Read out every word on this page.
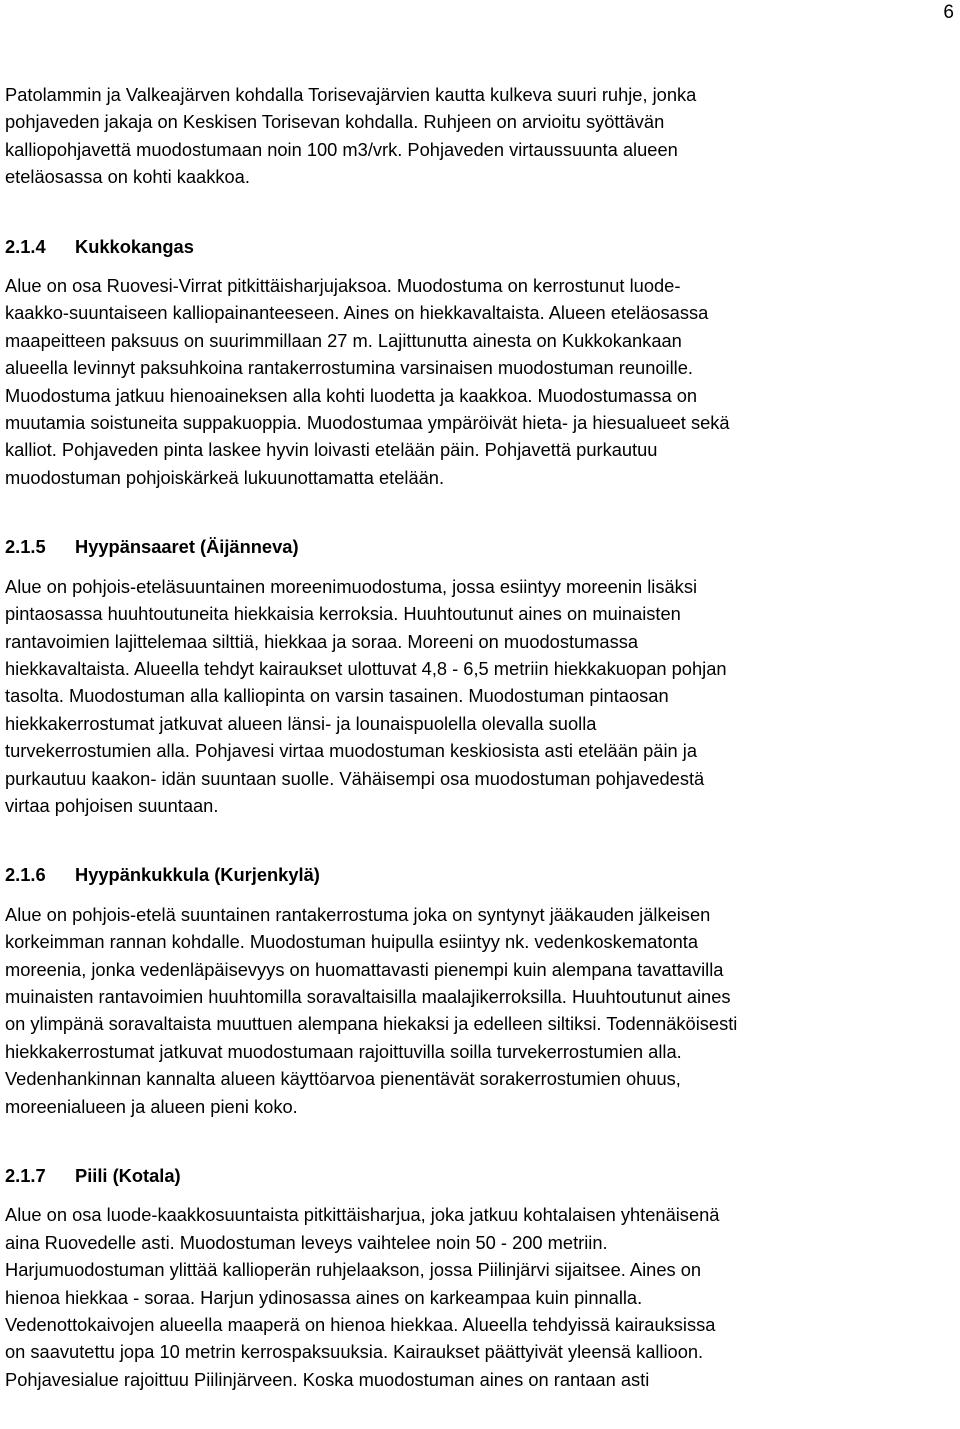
6

Patolammin ja Valkeajärven kohdalla Torisevajärvien kautta kulkeva suuri ruhje, jonka
pohjaveden jakaja on Keskisen Torisevan kohdalla. Ruhjeen on arvioitu syöttävän
kalliopohjavettä muodostumaan noin 100 m3/vrk. Pohjaveden virtaussuunta alueen
eteläosassa on kohti kaakkoa.

2.1.4 Kukkokangas

Alue on osa Ruovesi-Virrat pitkittäisharjujaksoa. Muodostuma on kerrostunut luode-
kaakko-suuntaiseen kalliopainanteeseen. Aines on hiekkavaltaista. Alueen eteläosassa
maapeitteen paksuus on suurimmillaan 27 m. Lajittunutta ainesta on Kukkokankaan
alueella levinnyt paksuhkoina rantakerrostumina varsinaisen muodostuman reunoille.
Muodostuma jatkuu hienoaineksen alla kohti luodetta ja kaakkoa. Muodostumassa on
muutamia soistuneita suppakuoppia. Muodostumaa ympäröivät hieta- ja hiesualueet sekä
kalliot. Pohjaveden pinta laskee hyvin loivasti etelään päin. Pohjavettä purkautuu
muodostuman pohjoiskärkeä lukuunottamatta etelään.

2.1.5 Hyypänsaaret (Äijänneva)

Alue on pohjois-eteläsuuntainen moreenimuodostuma, jossa esiintyy moreenin lisäksi
pintaosassa huuhtoutuneita hiekkaisia kerroksia. Huuhtoutunut aines on muinaisten
rantavoimien lajittelemaa silttiä, hiekkaa ja soraa. Moreeni on muodostumassa
hiekkavaltaista. Alueella tehdyt kairaukset ulottuvat 4,8 - 6,5 metriin hiekkakuopan pohjan
tasolta. Muodostuman alla kalliopinta on varsin tasainen. Muodostuman pintaosan
hiekkakerrostumat jatkuvat alueen länsi- ja lounaispuolella olevalla suolla
turvekerrostumien alla. Pohjavesi virtaa muodostuman keskiosista asti etelään päin ja
purkautuu kaakon- idän suuntaan suolle. Vähäisempi osa muodostuman pohjavedestä
virtaa pohjoisen suuntaan.

2.1.6 Hyypänkukkula (Kurjenkylä)

Alue on pohjois-etelä suuntainen rantakerrostuma joka on syntynyt jääkauden jälkeisen
korkeimman rannan kohdalle. Muodostuman huipulla esiintyy nk. vedenkoskematonta
moreenia, jonka vedenläpäisevyys on huomattavasti pienempi kuin alempana tavattavilla
muinaisten rantavoimien huuhtomilla soravaltaisilla maalajikerroksilla. Huuhtoutunut aines
on ylimpänä soravaltaista muuttuen alempana hiekaksi ja edelleen siltiksi. Todennäköisesti
hiekkakerrostumat jatkuvat muodostumaan rajoittuvilla soilla turvekerrostumien alla.
Vedenhankinnan kannalta alueen käyttöarvoa pienentävät sorakerrostumien ohuus,
moreenialueen ja alueen pieni koko.

2.1.7 Piili (Kotala)

Alue on osa luode-kaakkosuuntaista pitkittäisharjua, joka jatkuu kohtalaisen yhtenäisenä
aina Ruovedelle asti. Muodostuman leveys vaihtelee noin 50 - 200 metriin.
Harjumuodostuman ylittää kallioperän ruhjelaakson, jossa Piilinjärvi sijaitsee. Aines on
hienoa hiekkaa - soraa. Harjun ydinosassa aines on karkeampaa kuin pinnalla.
Vedenottokaivojen alueella maaperä on hienoa hiekkaa. Alueella tehdyissä kairauksissa
on saavutettu jopa 10 metrin kerrospaksuuksia. Kairaukset päättyivät yleensä kallioon.
Pohjavesialue rajoittuu Piilinjärveen. Koska muodostuman aines on rantaan asti
